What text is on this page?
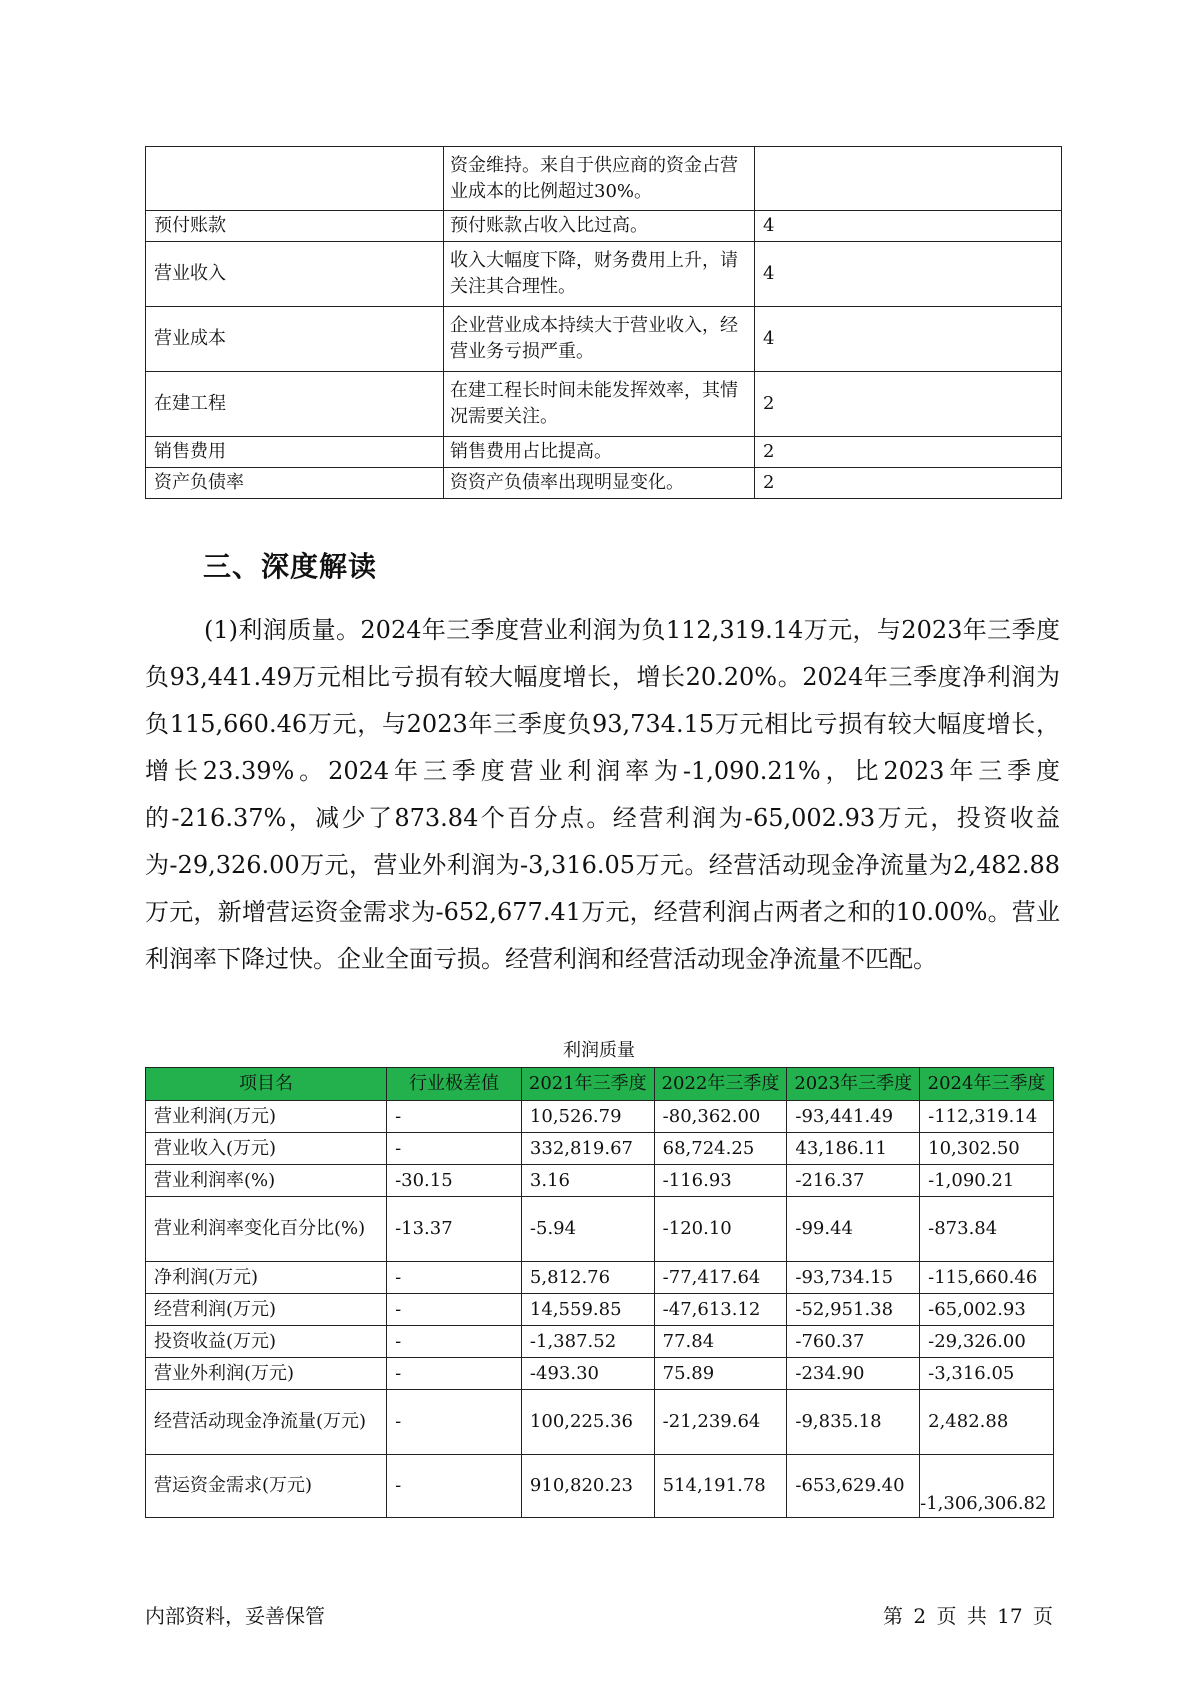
	资金维持。来自于供应商的资金占营业成本的比例超过30%。	
预付账款	预付账款占收入比过高。	4
营业收入	收入大幅度下降，财务费用上升，请关注其合理性。	4
营业成本	企业营业成本持续大于营业收入，经营业务亏损严重。	4
在建工程	在建工程长时间未能发挥效率，其情况需要关注。	2
销售费用	销售费用占比提高。	2
资产负债率	资资产负债率出现明显变化。	2
三、深度解读

(1)利润质量。2024年三季度营业利润为负112,319.14万元，与2023年三季度负93,441.49万元相比亏损有较大幅度增长，增长20.20%。2024年三季度净利润为负115,660.46万元，与2023年三季度负93,734.15万元相比亏损有较大幅度增长，增长23.39%。2024年三季度营业利润率为-1,090.21%，比2023年三季度的-216.37%，减少了873.84个百分点。经营利润为-65,002.93万元，投资收益为-29,326.00万元，营业外利润为-3,316.05万元。经营活动现金净流量为2,482.88万元，新增营运资金需求为-652,677.41万元，经营利润占两者之和的10.00%。营业利润率下降过快。企业全面亏损。经营利润和经营活动现金净流量不匹配。

利润质量
项目名	行业极差值	2021年三季度	2022年三季度	2023年三季度	2024年三季度
营业利润(万元)	-	10,526.79	-80,362.00	-93,441.49	-112,319.14
营业收入(万元)	-	332,819.67	68,724.25	43,186.11	10,302.50
营业利润率(%)	-30.15	3.16	-116.93	-216.37	-1,090.21
营业利润率变化百分比(%)	-13.37	-5.94	-120.10	-99.44	-873.84
净利润(万元)	-	5,812.76	-77,417.64	-93,734.15	-115,660.46
经营利润(万元)	-	14,559.85	-47,613.12	-52,951.38	-65,002.93
投资收益(万元)	-	-1,387.52	77.84	-760.37	-29,326.00
营业外利润(万元)	-	-493.30	75.89	-234.90	-3,316.05
经营活动现金净流量(万元)	-	100,225.36	-21,239.64	-9,835.18	2,482.88
营运资金需求(万元)	-	910,820.23	514,191.78	-653,629.40	-1,306,306.82
内部资料，妥善保管	第 2 页 共 17 页
